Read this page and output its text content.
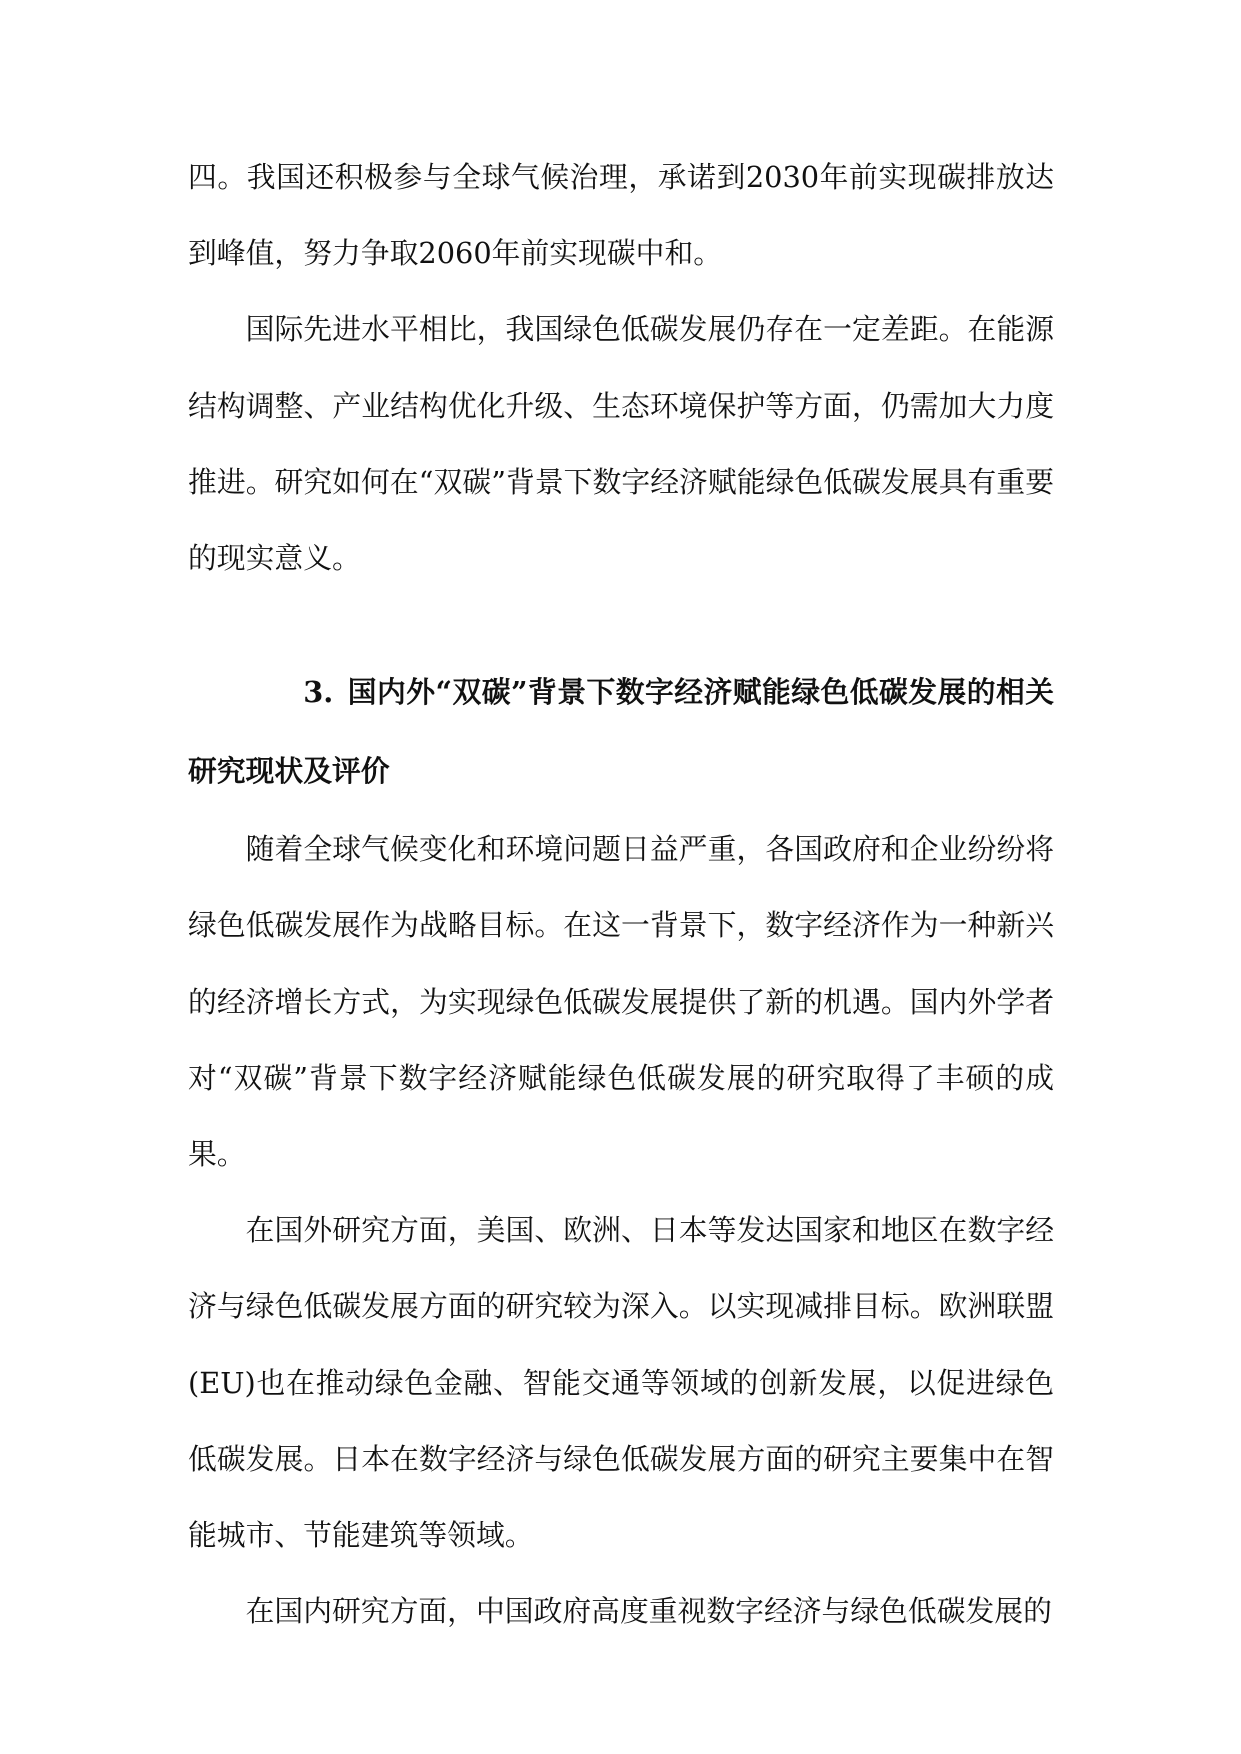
四。我国还积极参与全球气候治理，承诺到2030年前实现碳排放达到峰值，努力争取2060年前实现碳中和。

国际先进水平相比，我国绿色低碳发展仍存在一定差距。在能源结构调整、产业结构优化升级、生态环境保护等方面，仍需加大力度推进。研究如何在“双碳”背景下数字经济赋能绿色低碳发展具有重要的现实意义。

3. 国内外“双碳”背景下数字经济赋能绿色低碳发展的相关研究现状及评价

随着全球气候变化和环境问题日益严重，各国政府和企业纷纷将绿色低碳发展作为战略目标。在这一背景下，数字经济作为一种新兴的经济增长方式，为实现绿色低碳发展提供了新的机遇。国内外学者对“双碳”背景下数字经济赋能绿色低碳发展的研究取得了丰硕的成果。

在国外研究方面，美国、欧洲、日本等发达国家和地区在数字经济与绿色低碳发展方面的研究较为深入。以实现减排目标。欧洲联盟(EU)也在推动绿色金融、智能交通等领域的创新发展，以促进绿色低碳发展。日本在数字经济与绿色低碳发展方面的研究主要集中在智能城市、节能建筑等领域。

在国内研究方面，中国政府高度重视数字经济与绿色低碳发展的
